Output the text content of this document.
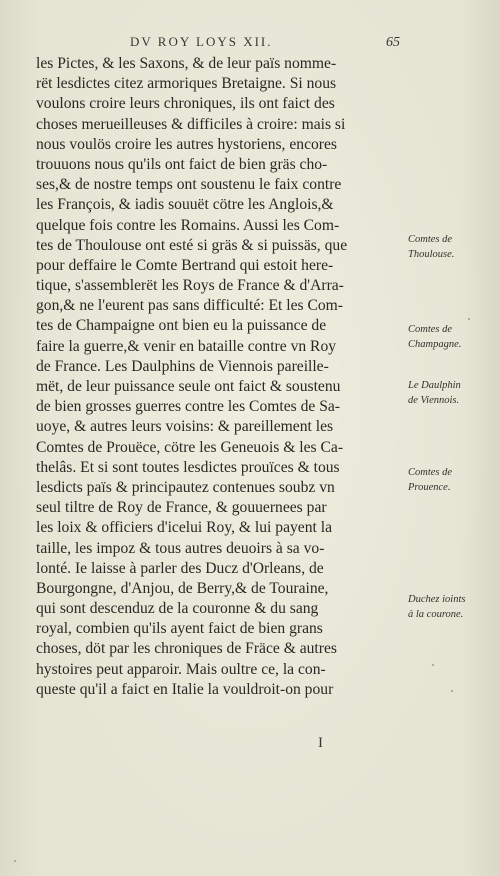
DV ROY LOYS XII.	65
les Pictes, & les Saxons, & de leur païs nomme-
rët lesdictes citez armoriques Bretaigne. Si nous
voulons croire leurs chroniques, ils ont faict des
choses merueilleuses & difficiles à croire: mais si
nous voulös croire les autres hystoriens, encores
trouuons nous qu'ils ont faict de bien gräs cho-
ses,& de nostre temps ont soustenu le faix contre
les François, & iadis souuët cötre les Anglois,&
quelque fois contre les Romains. Aussi les Com-
tes de Thoulouse ont esté si gräs & si puissäs, que
pour deffaire le Comte Bertrand qui estoit here-
tique, s'assemblerët les Roys de France & d'Arra-
gon,& ne l'eurent pas sans difficulté: Et les Com-
tes de Champaigne ont bien eu la puissance de
faire la guerre,& venir en bataille contre vn Roy
de France. Les Daulphins de Viennois pareille-
mët, de leur puissance seule ont faict & soustenu
de bien grosses guerres contre les Comtes de Sa-
uoye, & autres leurs voisins: & pareillement les
Comtes de Prouëce, cötre les Geneuois & les Ca-
thelâs. Et si sont toutes lesdictes prouïces & tous
lesdicts païs & principautez contenues soubz vn
seul tiltre de Roy de France, & gouuernees par
les loix & officiers d'icelui Roy, & lui payent la
taille, les impoz & tous autres deuoirs à sa vo-
lonté. Ie laisse à parler des Ducz d'Orleans, de
Bourgongne, d'Anjou, de Berry,& de Touraine,
qui sont descenduz de la couronne & du sang
royal, combien qu'ils ayent faict de bien grans
choses, döt par les chroniques de Fräce & autres
hystoires peut apparoir. Mais oultre ce, la con-
queste qu'il a faict en Italie la vouldroit-on pour
Comtes de
Thoulouse.
Comtes de
Champagne.
Le Daulphin
de Viennois.
Comtes de
Prouence.
Duchez ioints
à la courone.
I
